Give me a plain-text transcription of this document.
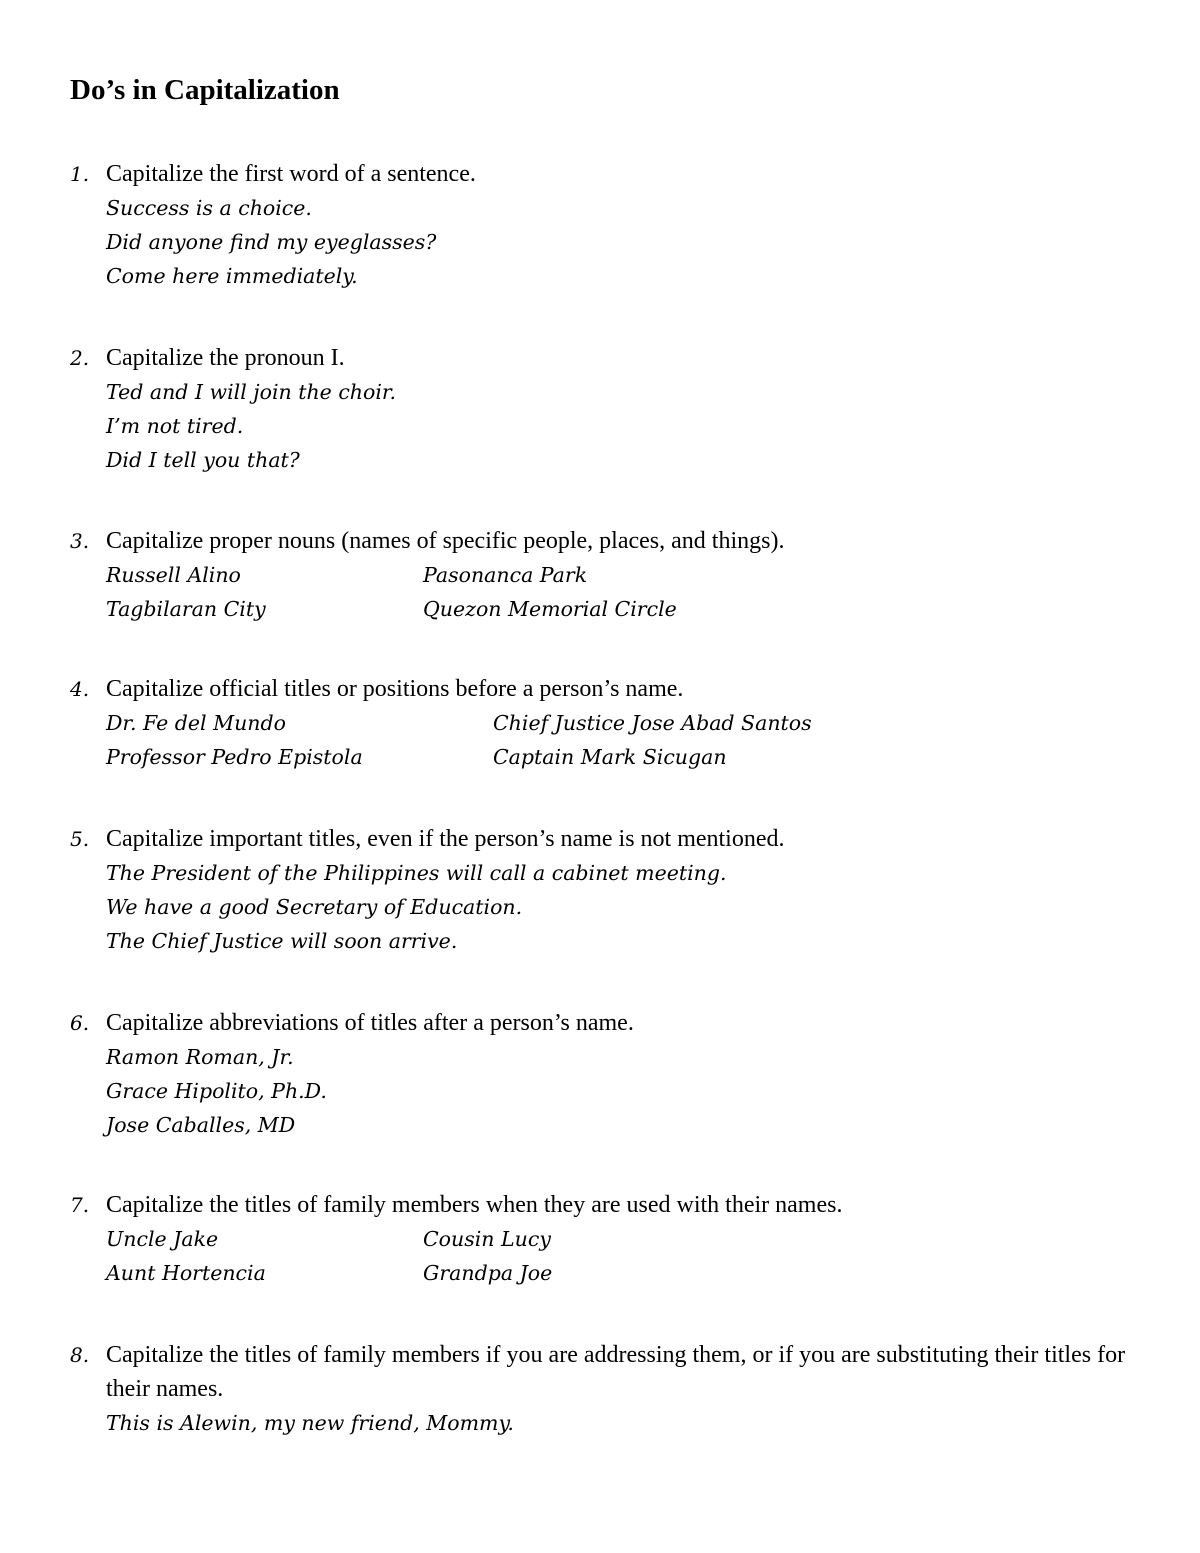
Do’s in Capitalization
1. Capitalize the first word of a sentence.
Success is a choice.
Did anyone find my eyeglasses?
Come here immediately.
2. Capitalize the pronoun I.
Ted and I will join the choir.
I’m not tired.
Did I tell you that?
3. Capitalize proper nouns (names of specific people, places, and things).
Russell Alino	Pasonanca Park
Tagbilaran City	Quezon Memorial Circle
4. Capitalize official titles or positions before a person’s name.
Dr. Fe del Mundo	Chief Justice Jose Abad Santos
Professor Pedro Epistola	Captain Mark Sicugan
5. Capitalize important titles, even if the person’s name is not mentioned.
The President of the Philippines will call a cabinet meeting.
We have a good Secretary of Education.
The Chief Justice will soon arrive.
6. Capitalize abbreviations of titles after a person’s name.
Ramon Roman, Jr.
Grace Hipolito, Ph.D.
Jose Caballes, MD
7. Capitalize the titles of family members when they are used with their names.
Uncle Jake	Cousin Lucy
Aunt Hortencia	Grandpa Joe
8. Capitalize the titles of family members if you are addressing them, or if you are substituting their titles for their names.
This is Alewin, my new friend, Mommy.
